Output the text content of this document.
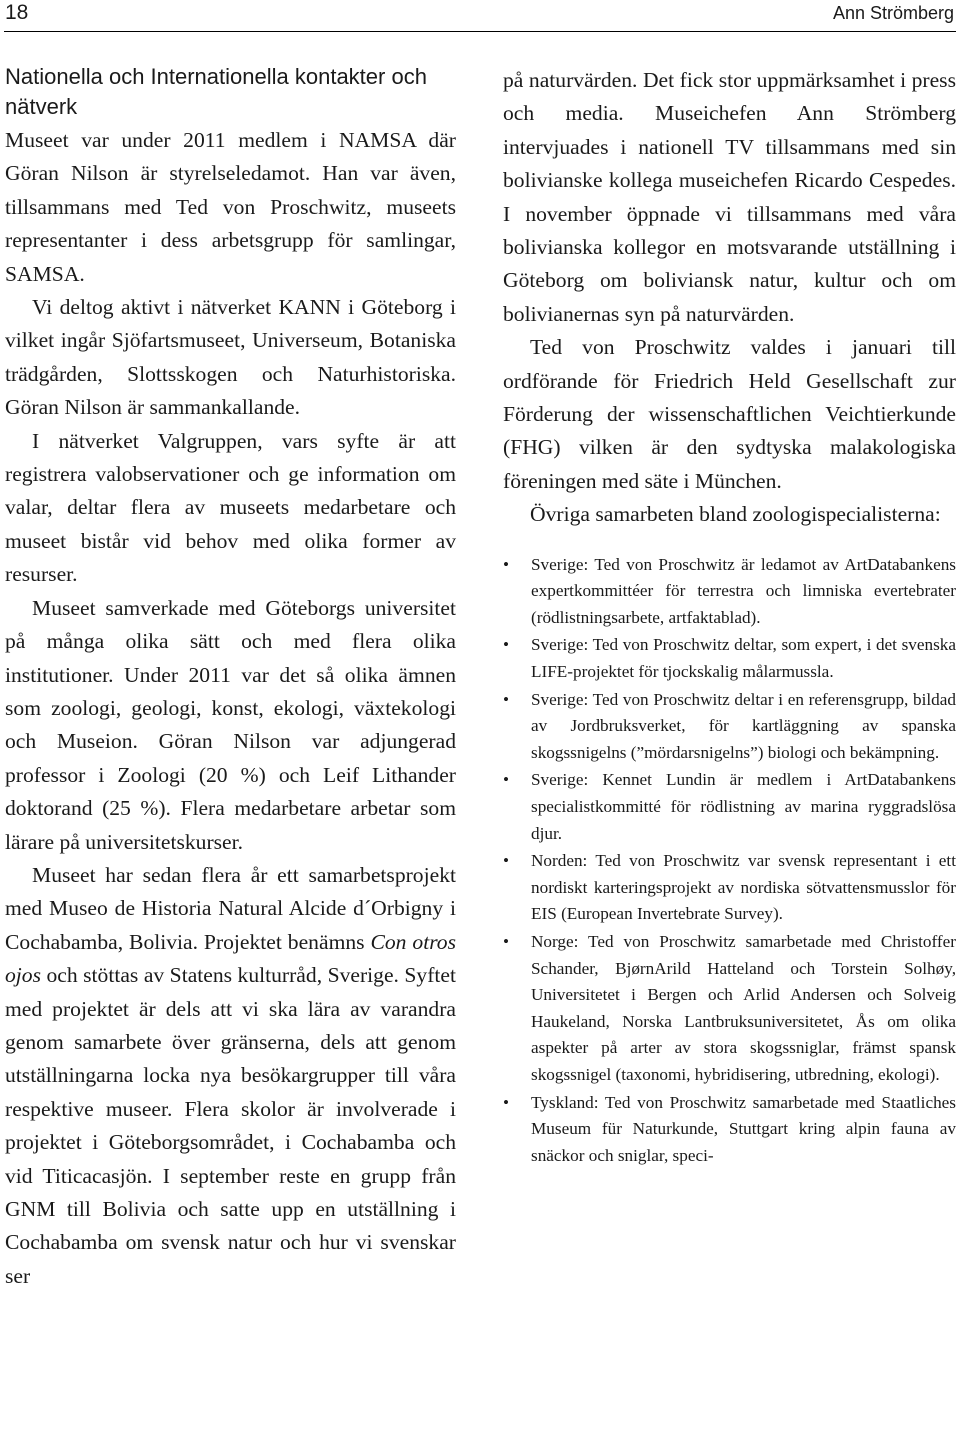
18	Ann Strömberg
Nationella och Internationella kontakter och nätverk

Museet var under 2011 medlem i NAMSA där Göran Nilson är styrelseledamot. Han var även, tillsammans med Ted von Proschwitz, museets representanter i dess arbetsgrupp för samlingar, SAMSA.

Vi deltog aktivt i nätverket KANN i Göteborg i vilket ingår Sjöfartsmuseet, Universeum, Botaniska trädgården, Slottsskogen och Naturhistoriska. Göran Nilson är sammankallande.

I nätverket Valgruppen, vars syfte är att registrera valobservationer och ge information om valar, deltar flera av museets medarbetare och museet bistår vid behov med olika former av resurser.

Museet samverkade med Göteborgs universitet på många olika sätt och med flera olika institutioner. Under 2011 var det så olika ämnen som zoologi, geologi, konst, ekologi, växtekologi och Museion. Göran Nilson var adjungerad professor i Zoologi (20 %) och Leif Lithander doktorand (25 %). Flera medarbetare arbetar som lärare på universitetskurser.

Museet har sedan flera år ett samarbetsprojekt med Museo de Historia Natural Alcide d´Orbigny i Cochabamba, Bolivia. Projektet benämns Con otros ojos och stöttas av Statens kulturråd, Sverige. Syftet med projektet är dels att vi ska lära av varandra genom samarbete över gränserna, dels att genom utställningarna locka nya besökargrupper till våra respektive museer. Flera skolor är involverade i projektet i Göteborgsområdet, i Cochabamba och vid Titicacasjön. I september reste en grupp från GNM till Bolivia och satte upp en utställning i Cochabamba om svensk natur och hur vi svenskar ser

på naturvärden. Det fick stor uppmärksamhet i press och media. Museichefen Ann Strömberg intervjuades i nationell TV tillsammans med sin bolivianske kollega museichefen Ricardo Cespedes. I november öppnade vi tillsammans med våra bolivianska kollegor en motsvarande utställning i Göteborg om boliviansk natur, kultur och om bolivianernas syn på naturvärden.

Ted von Proschwitz valdes i januari till ordförande för Friedrich Held Gesellschaft zur Förderung der wissenschaftlichen Veichtierkunde (FHG) vilken är den sydtyska malakologiska föreningen med säte i München.

Övriga samarbeten bland zoologispecialisterna:

• Sverige: Ted von Proschwitz är ledamot av ArtDatabankens expertkommittéer för terrestra och limniska evertebrater (rödlistningsarbete, artfaktablad).
• Sverige: Ted von Proschwitz deltar, som expert, i det svenska LIFE-projektet för tjockskalig målarmussla.
• Sverige: Ted von Proschwitz deltar i en referensgrupp, bildad av Jordbruksverket, för kartläggning av spanska skogssnigelns (”mördarsnigelns”) biologi och bekämpning.
• Sverige: Kennet Lundin är medlem i ArtDatabankens specialistkommitté för rödlistning av marina ryggradslösa djur.
• Norden: Ted von Proschwitz var svensk representant i ett nordiskt karteringsprojekt av nordiska sötvattensmusslor för EIS (European Invertebrate Survey).
• Norge: Ted von Proschwitz samarbetade med Christoffer Schander, BjørnArild Hatteland och Torstein Solhøy, Universitetet i Bergen och Arlid Andersen och Solveig Haukeland, Norska Lantbruksuniversitetet, Ås om olika aspekter på arter av stora skogssniglar, främst spansk skogssnigel (taxonomi, hybridisering, utbredning, ekologi).
• Tyskland: Ted von Proschwitz samarbetade med Staatliches Museum für Naturkunde, Stuttgart kring alpin fauna av snäckor och sniglar, speci-
